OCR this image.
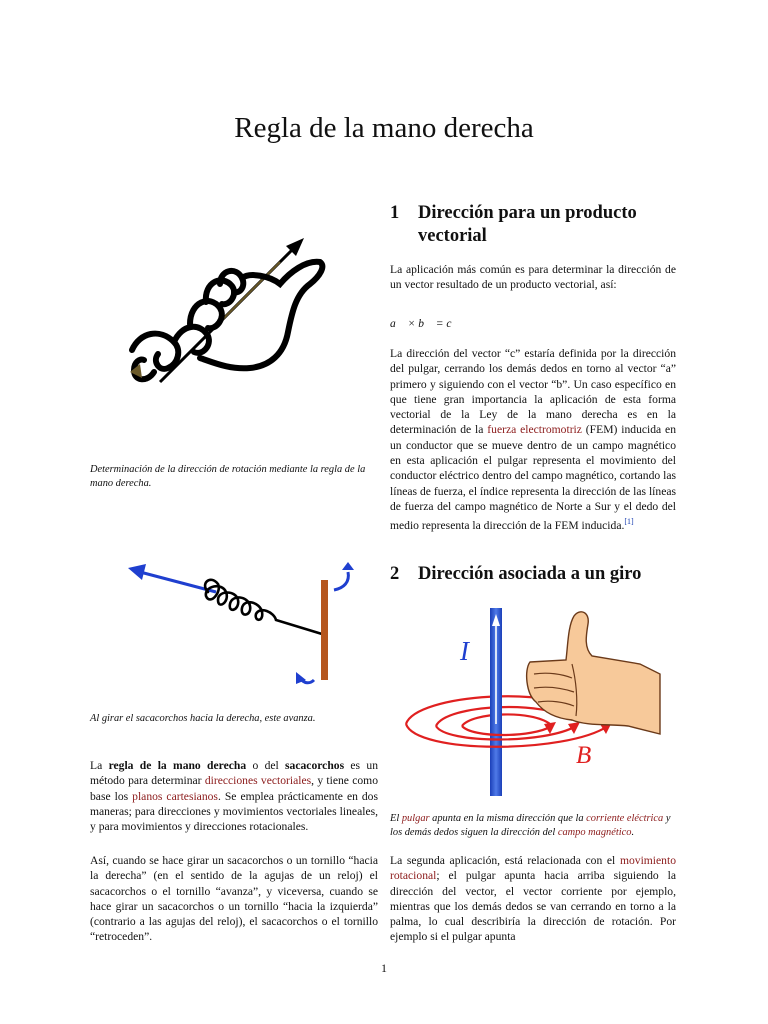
Regla de la mano derecha

Determinación de la dirección de rotación mediante la regla de la mano derecha.

Al girar el sacacorchos hacia la derecha, este avanza.

La regla de la mano derecha o del sacacorchos es un método para determinar direcciones vectoriales, y tiene como base los planos cartesianos. Se emplea prácticamente en dos maneras; para direcciones y movimientos vectoriales lineales, y para movimientos y direcciones rotacionales.

Así, cuando se hace girar un sacacorchos o un tornillo “hacia la derecha” (en el sentido de la agujas de un reloj) el sacacorchos o el tornillo “avanza”, y viceversa, cuando se hace girar un sacacorchos o un tornillo “hacia la izquierda” (contrario a las agujas del reloj), el sacacorchos o el tornillo “retroceden”.

1	Dirección para un producto vectorial

La aplicación más común es para determinar la dirección de un vector resultado de un producto vectorial, así:

a⃗ × b⃗ = c⃗

La dirección del vector “c” estaría definida por la dirección del pulgar, cerrando los demás dedos en torno al vector “a” primero y siguiendo con el vector “b”. Un caso específico en que tiene gran importancia la aplicación de esta forma vectorial de la Ley de la mano derecha es en la determinación de la fuerza electromotriz (FEM) inducida en un conductor que se mueve dentro de un campo magnético en esta aplicación el pulgar representa el movimiento del conductor eléctrico dentro del campo magnético, cortando las líneas de fuerza, el índice representa la dirección de las líneas de fuerza del campo magnético de Norte a Sur y el dedo del medio representa la dirección de la FEM inducida.[1]

2	Dirección asociada a un giro
I
B

El pulgar apunta en la misma dirección que la corriente eléctrica y los demás dedos siguen la dirección del campo magnético.

La segunda aplicación, está relacionada con el movimiento rotacional; el pulgar apunta hacia arriba siguiendo la dirección del vector, el vector corriente por ejemplo, mientras que los demás dedos se van cerrando en torno a la palma, lo cual describiría la dirección de rotación. Por ejemplo si el pulgar apunta

1
